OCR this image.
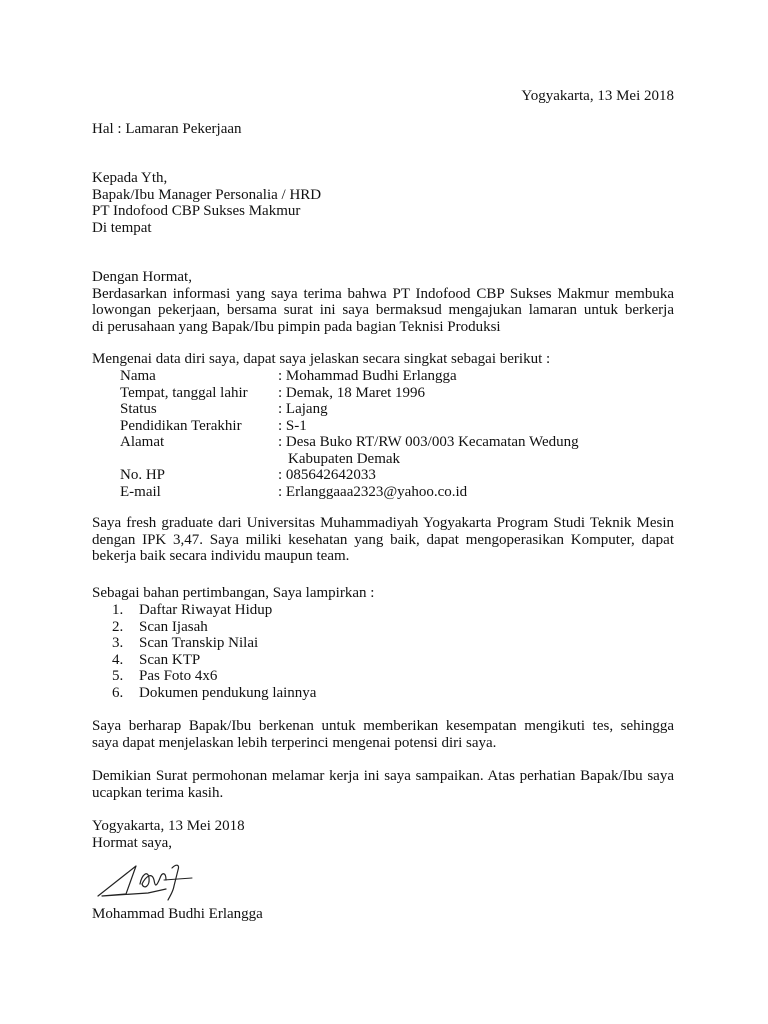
Yogyakarta, 13 Mei 2018
Hal : Lamaran Pekerjaan
Kepada Yth,
Bapak/Ibu Manager Personalia / HRD
PT Indofood CBP Sukses Makmur
Di tempat
Dengan Hormat,
Berdasarkan informasi yang saya terima bahwa PT Indofood CBP Sukses Makmur membuka
lowongan pekerjaan, bersama surat ini saya bermaksud mengajukan lamaran untuk berkerja
di perusahaan yang Bapak/Ibu pimpin pada bagian Teknisi Produksi
Mengenai data diri saya, dapat saya jelaskan secara singkat sebagai berikut :
Nama	: Mohammad Budhi Erlangga
Tempat, tanggal lahir	: Demak, 18 Maret 1996
Status	: Lajang
Pendidikan Terakhir	: S-1
Alamat	: Desa Buko RT/RW 003/003 Kecamatan Wedung
Kabupaten Demak

No. HP	: 085642642033
E-mail	: Erlanggaaa2323@yahoo.co.id
Saya fresh graduate dari Universitas Muhammadiyah Yogyakarta Program Studi Teknik Mesin
dengan IPK 3,47. Saya miliki kesehatan yang baik, dapat mengoperasikan Komputer, dapat
bekerja baik secara individu maupun team.
Sebagai bahan pertimbangan, Saya lampirkan :
1. Daftar Riwayat Hidup
2. Scan Ijasah
3. Scan Transkip Nilai
4. Scan KTP
5. Pas Foto 4x6
6. Dokumen pendukung lainnya
Saya berharap Bapak/Ibu berkenan untuk memberikan kesempatan mengikuti tes, sehingga
saya dapat menjelaskan lebih terperinci mengenai potensi diri saya.
Demikian Surat permohonan melamar kerja ini saya sampaikan. Atas perhatian Bapak/Ibu saya
ucapkan terima kasih.
Yogyakarta, 13 Mei 2018
Hormat saya,
Mohammad Budhi Erlangga
